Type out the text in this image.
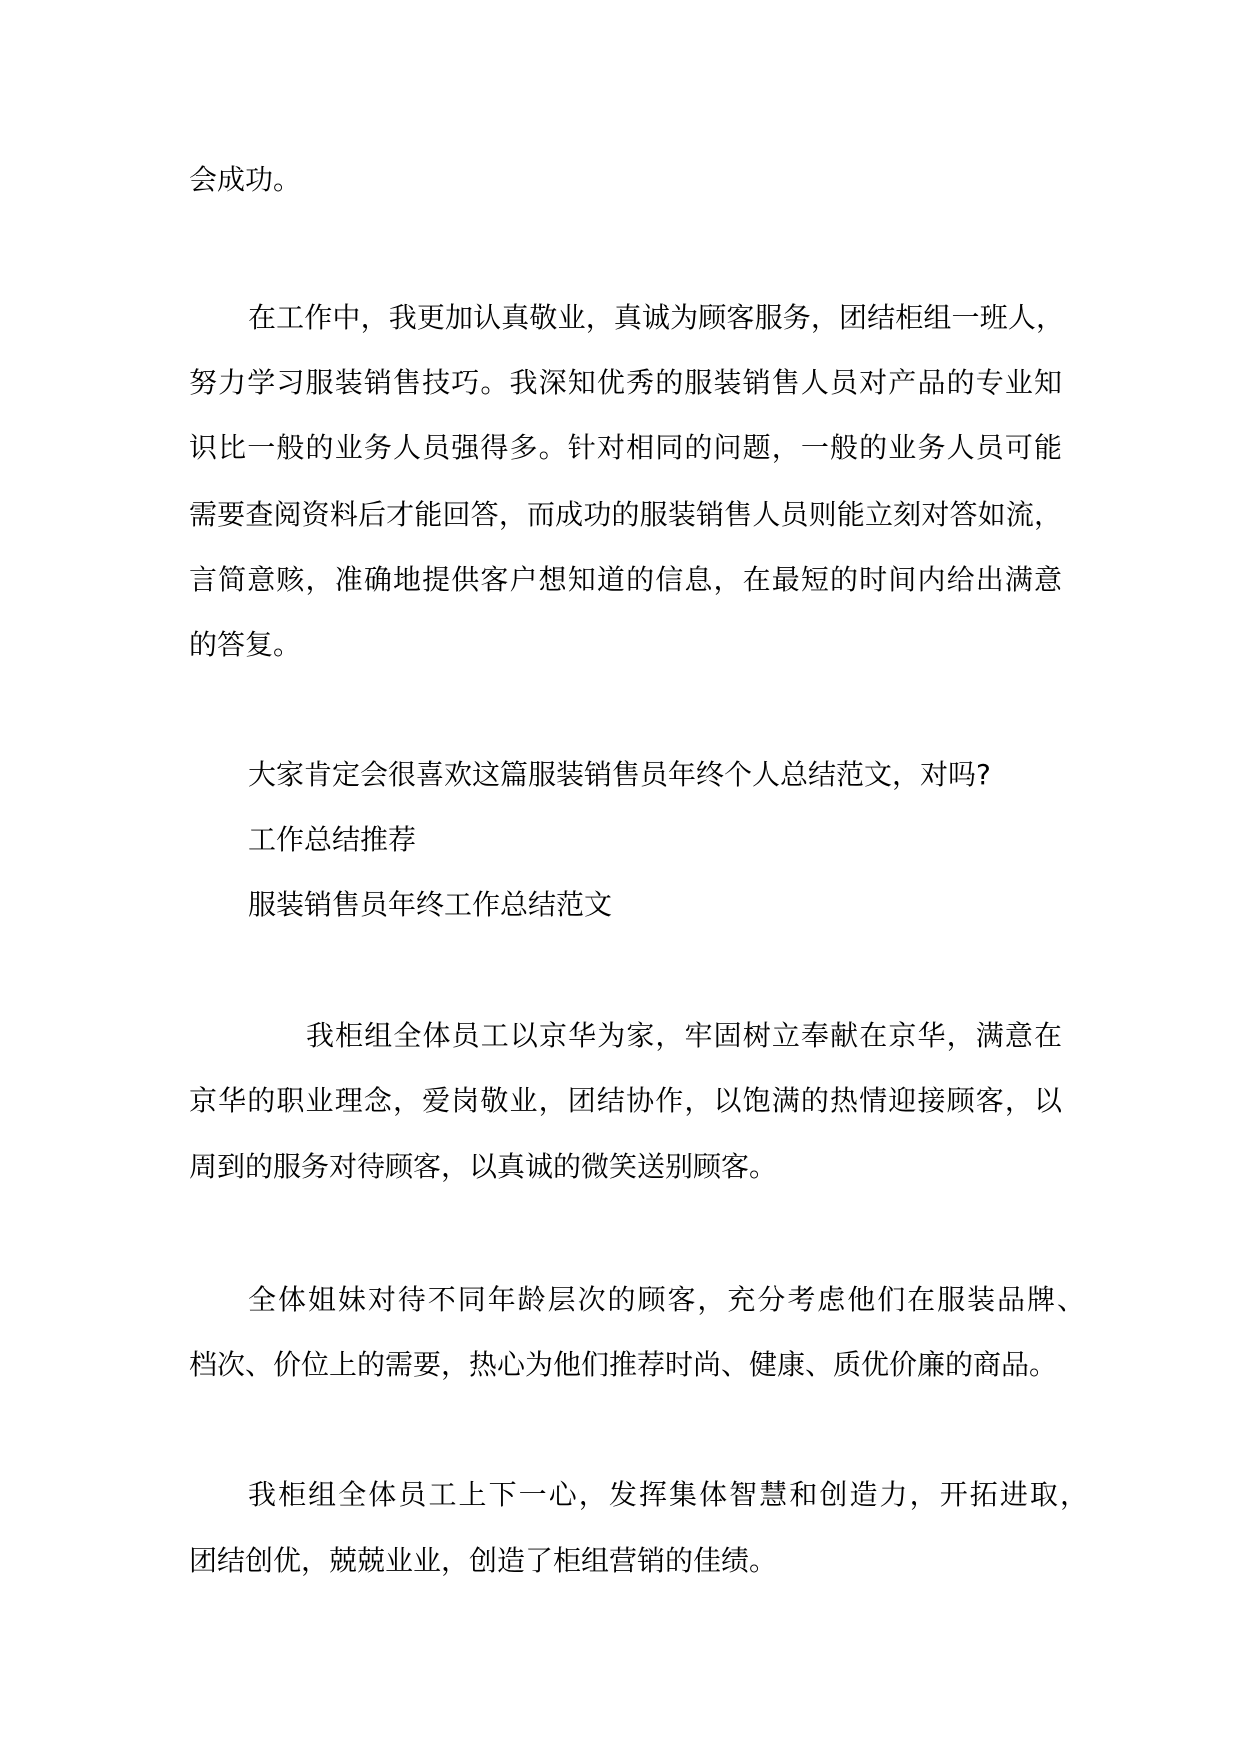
会成功。
在工作中，我更加认真敬业，真诚为顾客服务，团结柜组一班人，
努力学习服装销售技巧。我深知优秀的服装销售人员对产品的专业知
识比一般的业务人员强得多。针对相同的问题，一般的业务人员可能
需要查阅资料后才能回答，而成功的服装销售人员则能立刻对答如流，
言简意赅，准确地提供客户想知道的信息，在最短的时间内给出满意
的答复。
大家肯定会很喜欢这篇服装销售员年终个人总结范文，对吗?
工作总结推荐
服装销售员年终工作总结范文
我柜组全体员工以京华为家，牢固树立奉献在京华，满意在
京华的职业理念，爱岗敬业，团结协作，以饱满的热情迎接顾客，以
周到的服务对待顾客，以真诚的微笑送别顾客。
全体姐妹对待不同年龄层次的顾客，充分考虑他们在服装品牌、
档次、价位上的需要，热心为他们推荐时尚、健康、质优价廉的商品。
我柜组全体员工上下一心，发挥集体智慧和创造力，开拓进取，
团结创优，兢兢业业，创造了柜组营销的佳绩。
